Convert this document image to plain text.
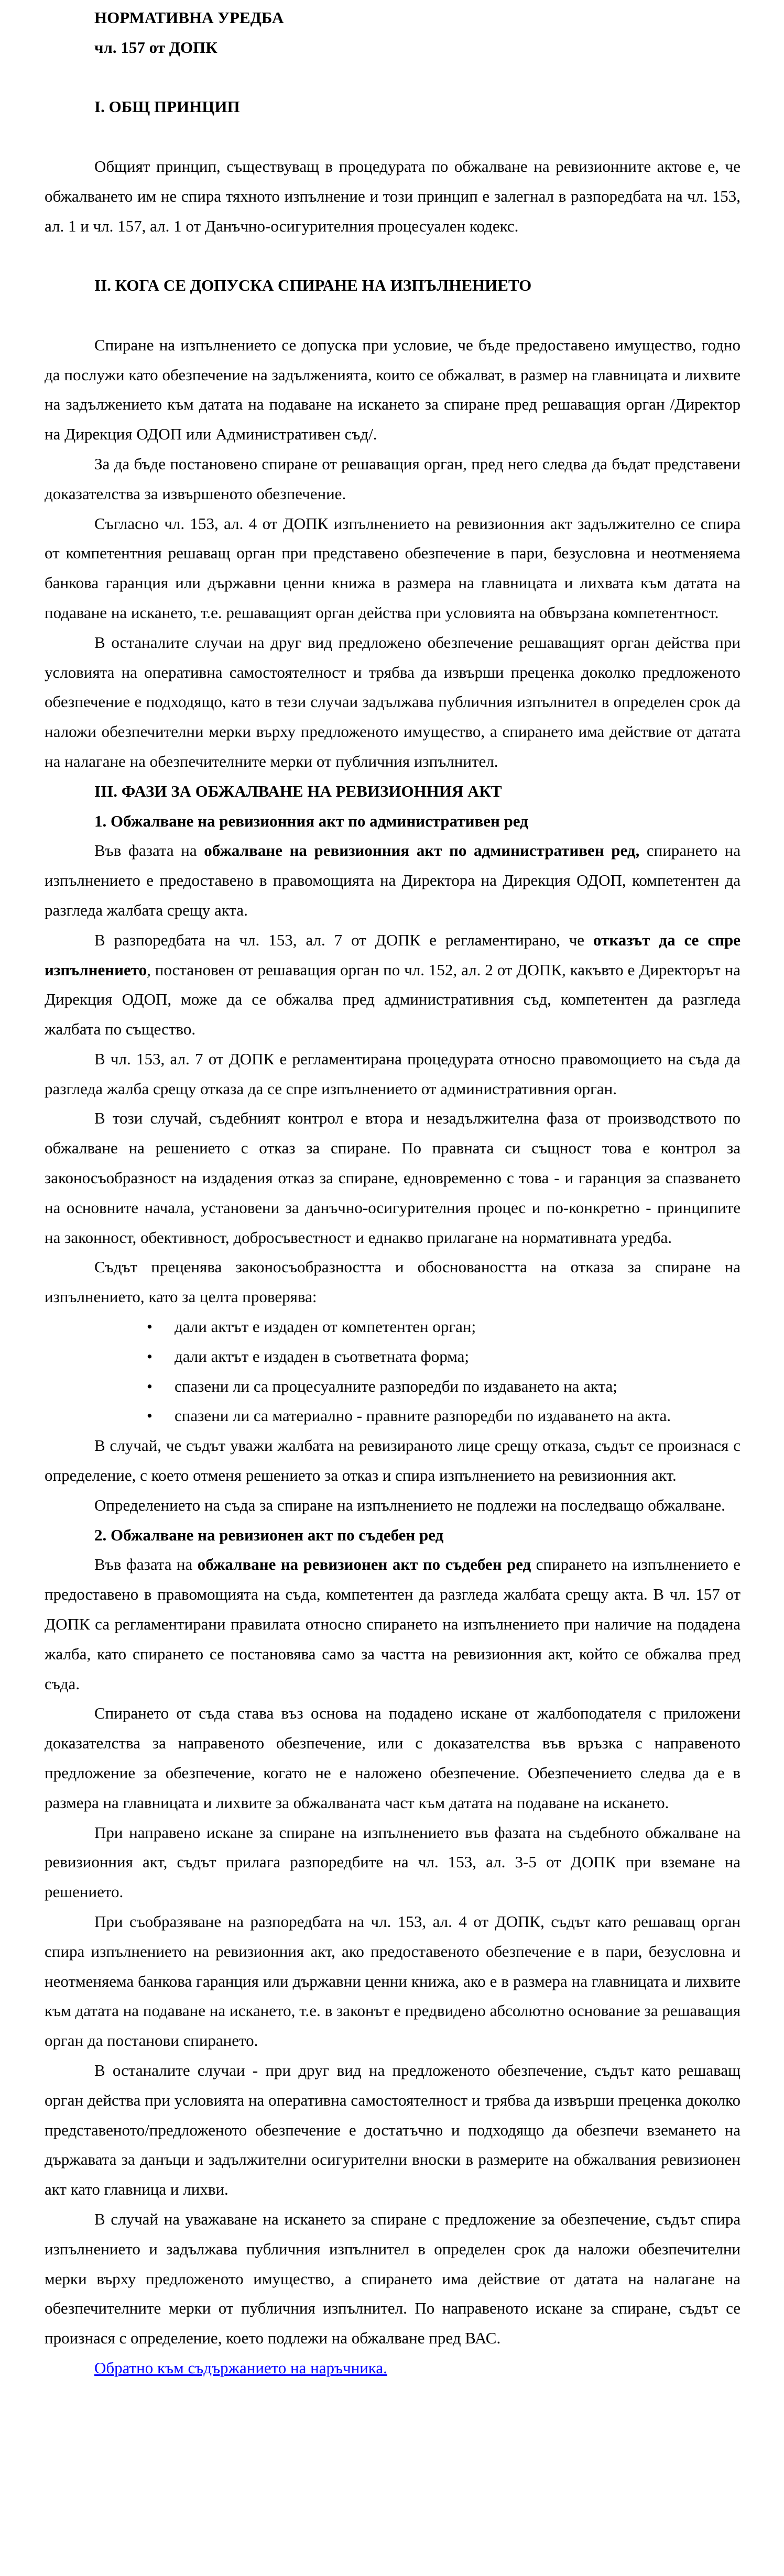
НОРМАТИВНА УРЕДБА

чл. 157 от ДОПК

I. ОБЩ ПРИНЦИП

Общият принцип, съществуващ в процедурата по обжалване на ревизионните актове е, че обжалването им не спира тяхното изпълнение и този принцип е залегнал в разпоредбата на чл. 153, ал. 1 и чл. 157, ал. 1 от Данъчно-осигурителния процесуален кодекс.

II. КОГА СЕ ДОПУСКА СПИРАНЕ НА ИЗПЪЛНЕНИЕТО

Спиране на изпълнението се допуска при условие, че бъде предоставено имущество, годно да послужи като обезпечение на задълженията, които се обжалват, в размер на главницата и лихвите на задължението към датата на подаване на искането за спиране пред решаващия орган /Директор на Дирекция ОДОП или Административен съд/.

За да бъде постановено спиране от решаващия орган, пред него следва да бъдат представени доказателства за извършеното обезпечение.

Съгласно чл. 153, ал. 4 от ДОПК изпълнението на ревизионния акт задължително се спира от компетентния решаващ орган при представено обезпечение в пари, безусловна и неотменяема банкова гаранция или държавни ценни книжа в размера на главницата и лихвата към датата на подаване на искането, т.е. решаващият орган действа при условията на обвързана компетентност.

В останалите случаи на друг вид предложено обезпечение решаващият орган действа при условията на оперативна самостоятелност и трябва да извърши преценка доколко предложеното обезпечение е подходящо, като в тези случаи задължава публичния изпълнител в определен срок да наложи обезпечителни мерки върху предложеното имущество, а спирането има действие от датата на налагане на обезпечителните мерки от публичния изпълнител.

III. ФАЗИ ЗА ОБЖАЛВАНЕ НА РЕВИЗИОННИЯ АКТ

1. Обжалване на ревизионния акт по административен ред

Във фазата на обжалване на ревизионния акт по административен ред, спирането на изпълнението е предоставено в правомощията на Директора на Дирекция ОДОП, компетентен да разгледа жалбата срещу акта.

В разпоредбата на чл. 153, ал. 7 от ДОПК е регламентирано, че отказът да се спре изпълнението, постановен от решаващия орган по чл. 152, ал. 2 от ДОПК, какъвто е Директорът на Дирекция ОДОП, може да се обжалва пред административния съд, компетентен да разгледа жалбата по същество.

В чл. 153, ал. 7 от ДОПК е регламентирана процедурата относно правомощието на съда да разгледа жалба срещу отказа да се спре изпълнението от административния орган.

В този случай, съдебният контрол е втора и незадължителна фаза от производството по обжалване на решението с отказ за спиране. По правната си същност това е контрол за законосъобразност на издадения отказ за спиране, едновременно с това - и гаранция за спазването на основните начала, установени за данъчно-осигурителния процес и по-конкретно - принципите на законност, обективност, добросъвестност и еднакво прилагане на нормативната уредба.

Съдът преценява законосъобразността и обосноваността на отказа за спиране на изпълнението, като за целта проверява:

• дали актът е издаден от компетентен орган;

• дали актът е издаден в съответната форма;

• спазени ли са процесуалните разпоредби по издаването на акта;

• спазени ли са материално - правните разпоредби по издаването на акта.

В случай, че съдът уважи жалбата на ревизираното лице срещу отказа, съдът се произнася с определение, с което отменя решението за отказ и спира изпълнението на ревизионния акт.

Определението на съда за спиране на изпълнението не подлежи на последващо обжалване.

2. Обжалване на ревизионен акт по съдебен ред

Във фазата на обжалване на ревизионен акт по съдебен ред спирането на изпълнението е предоставено в правомощията на съда, компетентен да разгледа жалбата срещу акта. В чл. 157 от ДОПК са регламентирани правилата относно спирането на изпълнението при наличие на подадена жалба, като спирането се постановява само за частта на ревизионния акт, който се обжалва пред съда.

Спирането от съда става въз основа на подадено искане от жалбоподателя с приложени доказателства за направеното обезпечение, или с доказателства във връзка с направеното предложение за обезпечение, когато не е наложено обезпечение. Обезпечението следва да е в размера на главницата и лихвите за обжалваната част към датата на подаване на искането.

При направено искане за спиране на изпълнението във фазата на съдебното обжалване на ревизионния акт, съдът прилага разпоредбите на чл. 153, ал. 3-5 от ДОПК при вземане на решението.

При съобразяване на разпоредбата на чл. 153, ал. 4 от ДОПК, съдът като решаващ орган спира изпълнението на ревизионния акт, ако предоставеното обезпечение е в пари, безусловна и неотменяема банкова гаранция или държавни ценни книжа, ако е в размера на главницата и лихвите към датата на подаване на искането, т.е. в законът е предвидено абсолютно основание за решаващия орган да постанови спирането.

В останалите случаи - при друг вид на предложеното обезпечение, съдът като решаващ орган действа при условията на оперативна самостоятелност и трябва да извърши преценка доколко представеното/предложеното обезпечение е достатъчно и подходящо да обезпечи вземането на държавата за данъци и задължителни осигурителни вноски в размерите на обжалвания ревизионен акт като главница и лихви.

В случай на уважаване на искането за спиране с предложение за обезпечение, съдът спира изпълнението и задължава публичния изпълнител в определен срок да наложи обезпечителни мерки върху предложеното имущество, а спирането има действие от датата на налагане на обезпечителните мерки от публичния изпълнител. По направеното искане за спиране, съдът се произнася с определение, което подлежи на обжалване пред ВАС.

Обратно към съдържанието на наръчника.
